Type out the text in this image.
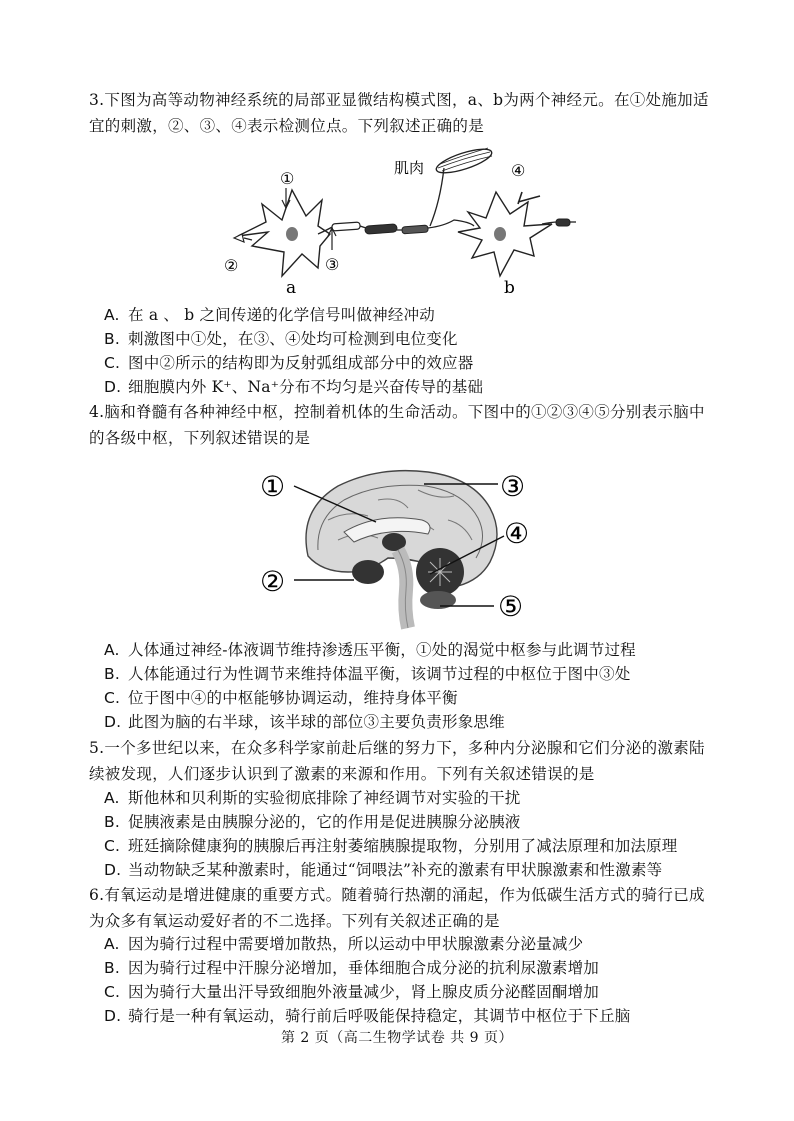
3.下图为高等动物神经系统的局部亚显微结构模式图，a、b为两个神经元。在①处施加适宜的刺激，②、③、④表示检测位点。下列叙述正确的是
肌肉
①
②	③
④
a	b
A. 在 a 、 b 之间传递的化学信号叫做神经冲动
B. 刺激图中①处，在③、④处均可检测到电位变化
C. 图中②所示的结构即为反射弧组成部分中的效应器
D. 细胞膜内外 K⁺、Na⁺分布不均匀是兴奋传导的基础
4.脑和脊髓有各种神经中枢，控制着机体的生命活动。下图中的①②③④⑤分别表示脑中的各级中枢，下列叙述错误的是
①
②
③
④
⑤
A. 人体通过神经-体液调节维持渗透压平衡，①处的渴觉中枢参与此调节过程
B. 人体能通过行为性调节来维持体温平衡，该调节过程的中枢位于图中③处
C. 位于图中④的中枢能够协调运动，维持身体平衡
D. 此图为脑的右半球，该半球的部位③主要负责形象思维
5.一个多世纪以来，在众多科学家前赴后继的努力下，多种内分泌腺和它们分泌的激素陆续被发现，人们逐步认识到了激素的来源和作用。下列有关叙述错误的是
A. 斯他林和贝利斯的实验彻底排除了神经调节对实验的干扰
B. 促胰液素是由胰腺分泌的，它的作用是促进胰腺分泌胰液
C. 班廷摘除健康狗的胰腺后再注射萎缩胰腺提取物，分别用了减法原理和加法原理
D. 当动物缺乏某种激素时，能通过“饲喂法”补充的激素有甲状腺激素和性激素等
6.有氧运动是增进健康的重要方式。随着骑行热潮的涌起，作为低碳生活方式的骑行已成为众多有氧运动爱好者的不二选择。下列有关叙述正确的是
A. 因为骑行过程中需要增加散热，所以运动中甲状腺激素分泌量减少
B. 因为骑行过程中汗腺分泌增加，垂体细胞合成分泌的抗利尿激素增加
C. 因为骑行大量出汗导致细胞外液量减少，肾上腺皮质分泌醛固酮增加
D. 骑行是一种有氧运动，骑行前后呼吸能保持稳定，其调节中枢位于下丘脑
第 2 页（高二生物学试卷 共 9 页）
